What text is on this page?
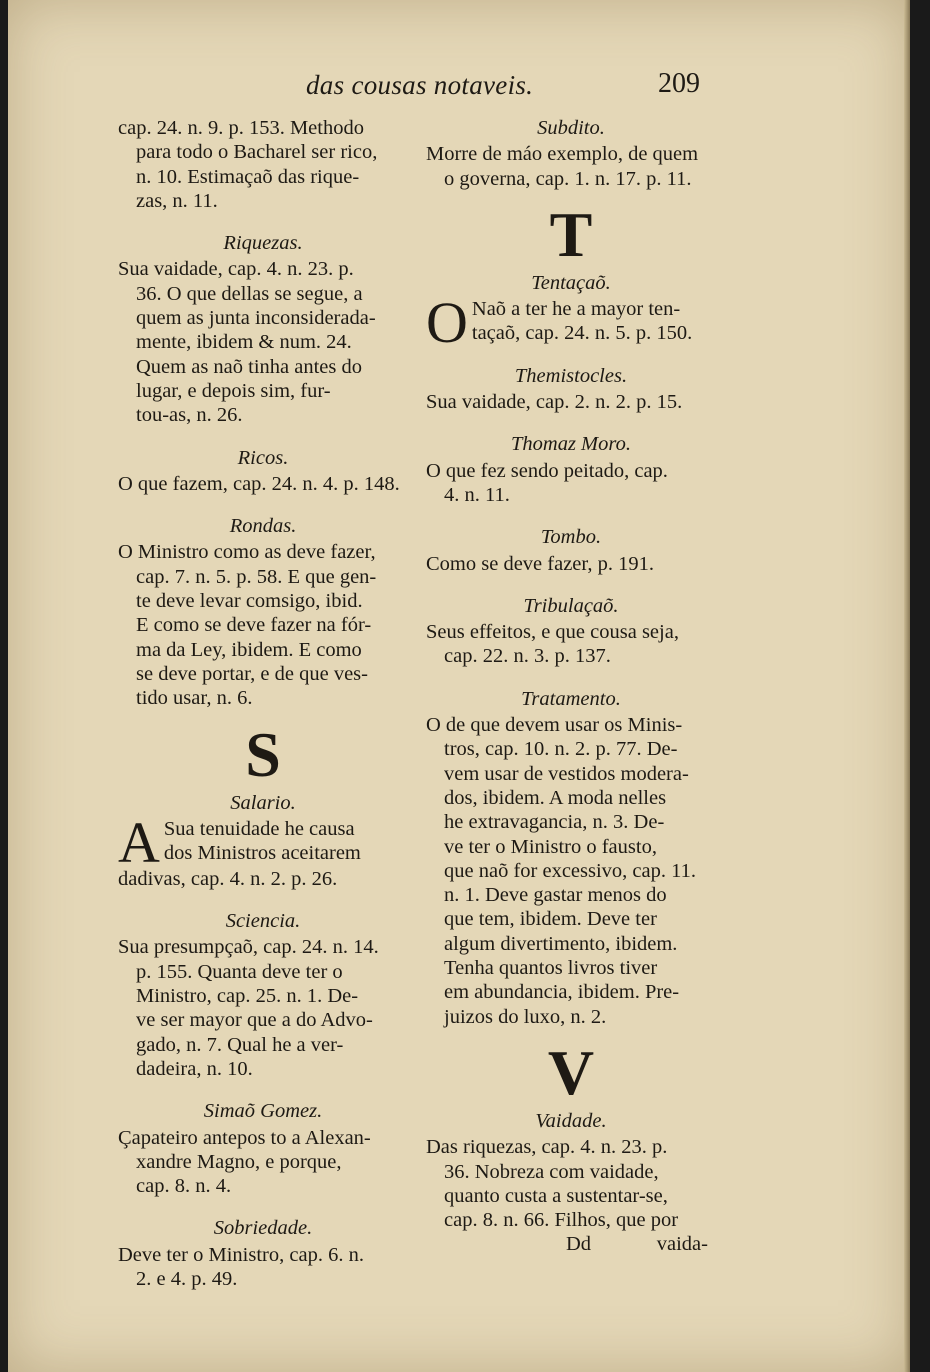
das cousas notaveis.	209
cap. 24. n. 9. p. 153. Methodo
para todo o Bacharel ser rico,
n. 10. Estimaçaõ das rique-
zas, n. 11.
Riquezas.
Sua vaidade, cap. 4. n. 23. p.
36. O que dellas se segue, a
quem as junta inconsiderada-
mente, ibidem & num. 24.
Quem as naõ tinha antes do
lugar, e depois sim, fur-
tou-as, n. 26.
Ricos.
O que fazem, cap. 24. n. 4. p. 148.
Rondas.
O Ministro como as deve fazer,
cap. 7. n. 5. p. 58. E que gen-
te deve levar comsigo, ibid.
E como se deve fazer na fór-
ma da Ley, ibidem. E como
se deve portar, e de que ves-
tido usar, n. 6.
S
Salario.
A Sua tenuidade he causa
dos Ministros aceitarem
dadivas, cap. 4. n. 2. p. 26.
Sciencia.
Sua presumpçaõ, cap. 24. n. 14.
p. 155. Quanta deve ter o
Ministro, cap. 25. n. 1. De-
ve ser mayor que a do Advo-
gado, n. 7. Qual he a ver-
dadeira, n. 10.
Simaõ Gomez.
Çapateiro antepos to a Alexan-
xandre Magno, e porque,
cap. 8. n. 4.
Sobriedade.
Deve ter o Ministro, cap. 6. n.
2. e 4. p. 49.
Subdito.
Morre de máo exemplo, de quem
o governa, cap. 1. n. 17. p. 11.
T
Tentaçaõ.
O Naõ a ter he a mayor ten-
taçaõ, cap. 24. n. 5. p. 150.
Themistocles.
Sua vaidade, cap. 2. n. 2. p. 15.
Thomaz Moro.
O que fez sendo peitado, cap.
4. n. 11.
Tombo.
Como se deve fazer, p. 191.
Tribulaçaõ.
Seus effeitos, e que cousa seja,
cap. 22. n. 3. p. 137.
Tratamento.
O de que devem usar os Minis-
tros, cap. 10. n. 2. p. 77. De-
vem usar de vestidos modera-
dos, ibidem. A moda nelles
he extravagancia, n. 3. De-
ve ter o Ministro o fausto,
que naõ for excessivo, cap. 11.
n. 1. Deve gastar menos do
que tem, ibidem. Deve ter
algum divertimento, ibidem.
Tenha quantos livros tiver
em abundancia, ibidem. Pre-
juizos do luxo, n. 2.
V
Vaidade.
Das riquezas, cap. 4. n. 23. p.
36. Nobreza com vaidade,
quanto custa a sustentar-se,
cap. 8. n. 66. Filhos, que por
Dd	vaida-
